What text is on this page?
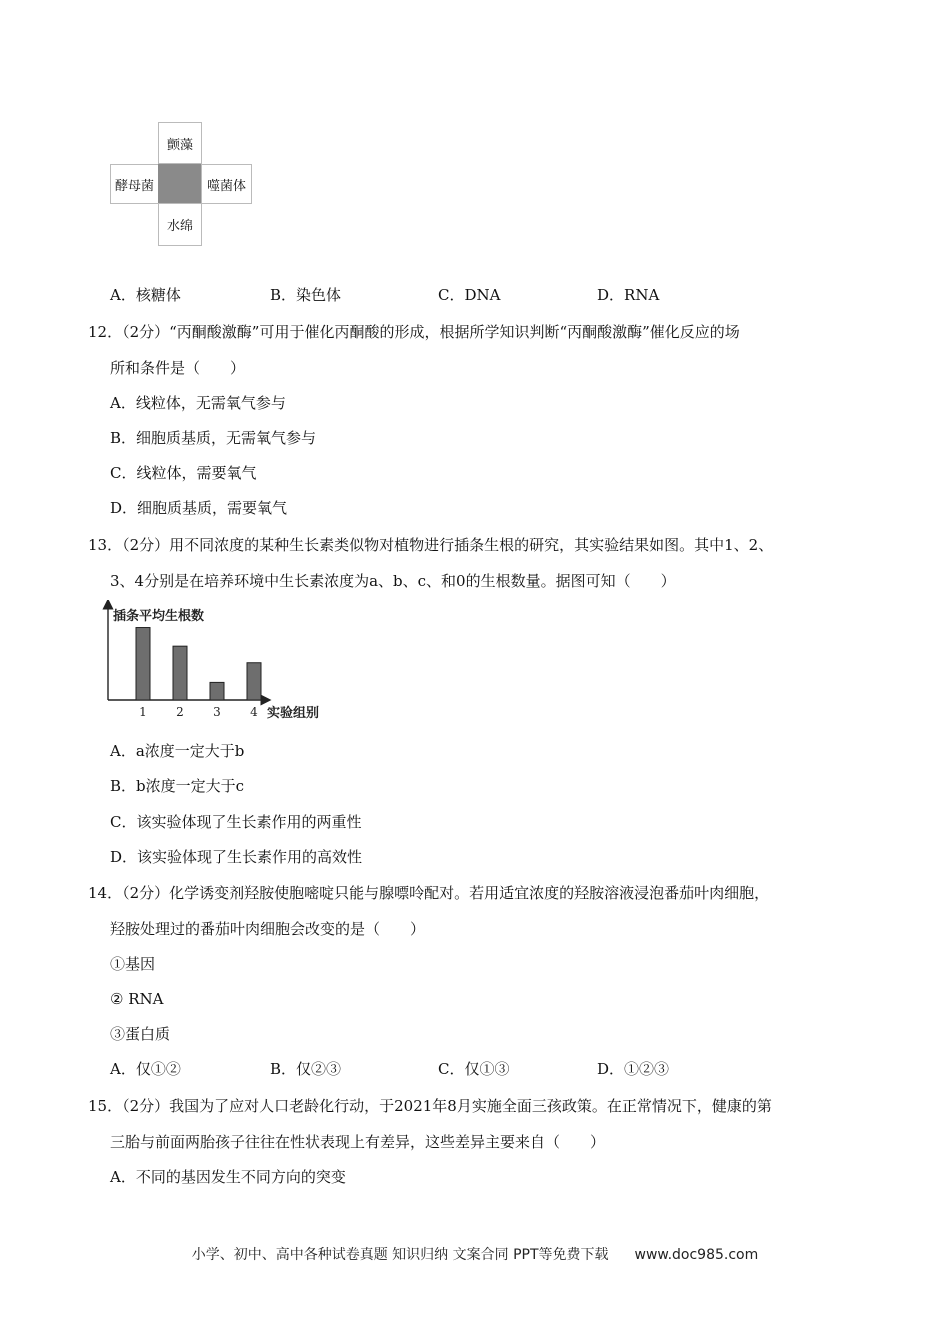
颤藻
酵母菌	噬菌体
水绵
A．核糖体	B．染色体	C．DNA	D．RNA
12．（2分）“丙酮酸激酶”可用于催化丙酮酸的形成，根据所学知识判断“丙酮酸激酶”催化反应的场
所和条件是（　　）
A．线粒体，无需氧气参与
B．细胞质基质，无需氧气参与
C．线粒体，需要氧气
D．细胞质基质，需要氧气
13．（2分）用不同浓度的某种生长素类似物对植物进行插条生根的研究，其实验结果如图。其中1、2、
3、4分别是在培养环境中生长素浓度为a、b、c、和0的生根数量。据图可知（　　）
插条平均生根数
实验组别
1 2 3 4
A．a浓度一定大于b
B．b浓度一定大于c
C．该实验体现了生长素作用的两重性
D．该实验体现了生长素作用的高效性
14．（2分）化学诱变剂羟胺使胞嘧啶只能与腺嘌呤配对。若用适宜浓度的羟胺溶液浸泡番茄叶肉细胞，
羟胺处理过的番茄叶肉细胞会改变的是（　　）
①基因
② RNA
③蛋白质
A．仅①②	B．仅②③	C．仅①③	D．①②③
15．（2分）我国为了应对人口老龄化行动，于2021年8月实施全面三孩政策。在正常情况下，健康的第
三胎与前面两胎孩子往往在性状表现上有差异，这些差异主要来自（　　）
A．不同的基因发生不同方向的突变
小学、初中、高中各种试卷真题 知识归纳 文案合同 PPT等免费下载 www.doc985.com
